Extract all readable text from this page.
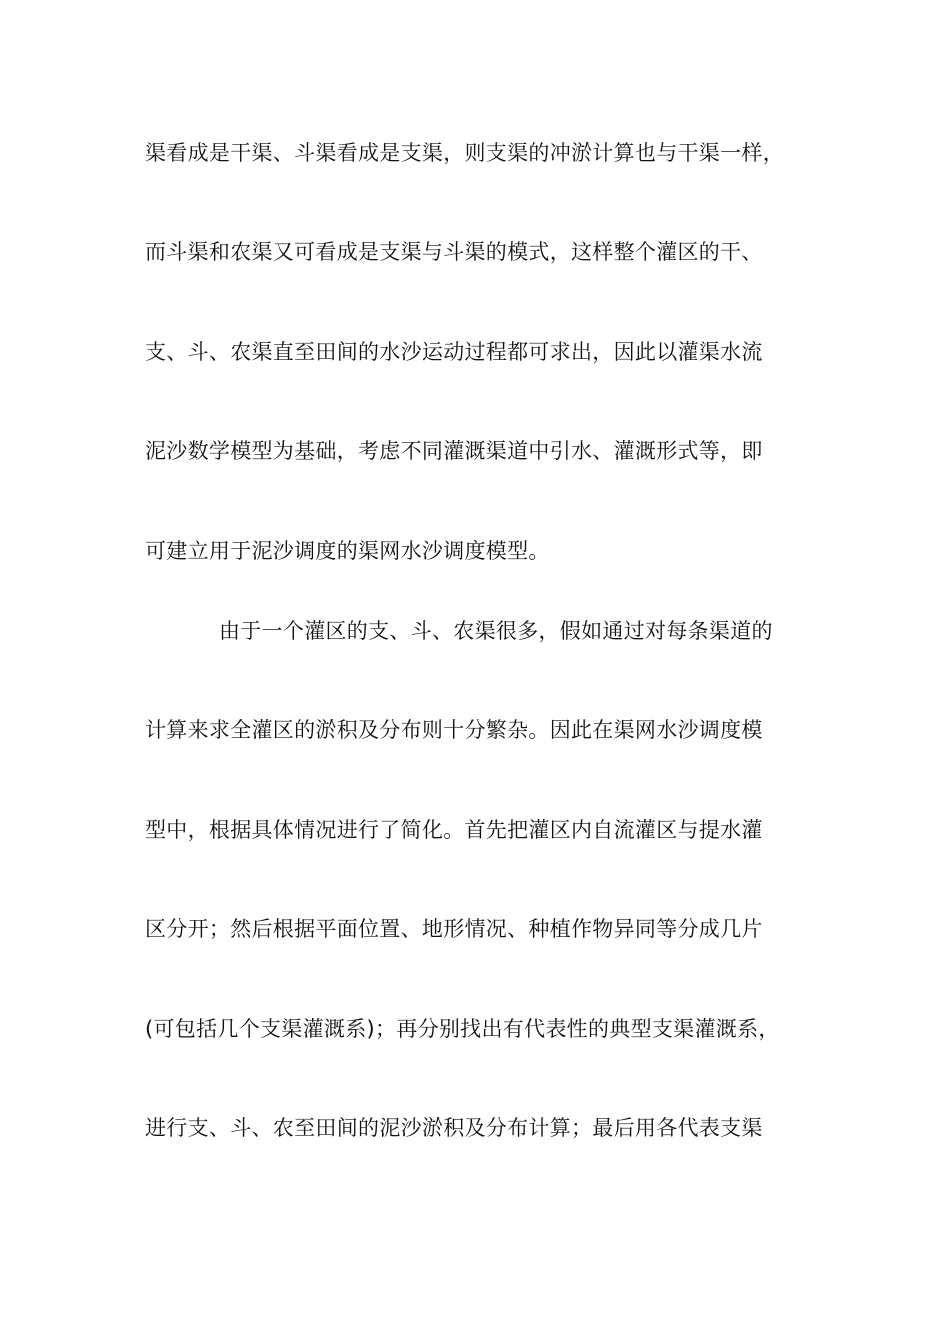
渠看成是干渠、斗渠看成是支渠，则支渠的冲淤计算也与干渠一样，
而斗渠和农渠又可看成是支渠与斗渠的模式，这样整个灌区的干、
支、斗、农渠直至田间的水沙运动过程都可求出，因此以灌渠水流
泥沙数学模型为基础，考虑不同灌溉渠道中引水、灌溉形式等，即
可建立用于泥沙调度的渠网水沙调度模型。
由于一个灌区的支、斗、农渠很多，假如通过对每条渠道的
计算来求全灌区的淤积及分布则十分繁杂。因此在渠网水沙调度模
型中，根据具体情况进行了简化。首先把灌区内自流灌区与提水灌
区分开；然后根据平面位置、地形情况、种植作物异同等分成几片
(可包括几个支渠灌溉系)；再分别找出有代表性的典型支渠灌溉系，
进行支、斗、农至田间的泥沙淤积及分布计算；最后用各代表支渠
